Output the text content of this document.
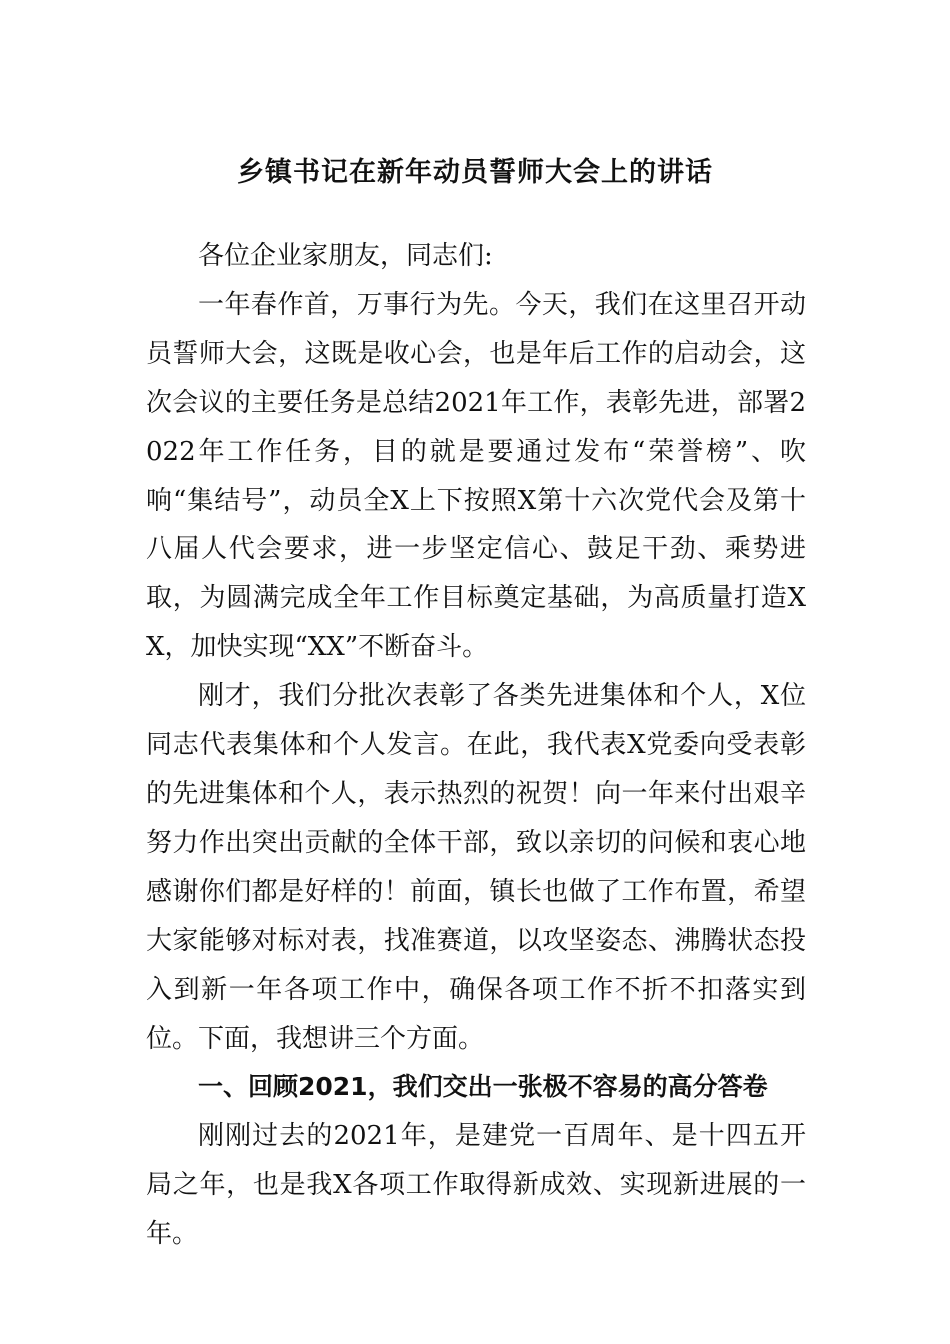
乡镇书记在新年动员誓师大会上的讲话

各位企业家朋友，同志们:

一年春作首，万事行为先。今天，我们在这里召开动员誓师大会，这既是收心会，也是年后工作的启动会，这次会议的主要任务是总结2021年工作，表彰先进，部署2022年工作任务，目的就是要通过发布“荣誉榜”、吹响“集结号”，动员全X上下按照X第十六次党代会及第十八届人代会要求，进一步坚定信心、鼓足干劲、乘势进取，为圆满完成全年工作目标奠定基础，为高质量打造XX，加快实现“XX”不断奋斗。

刚才，我们分批次表彰了各类先进集体和个人，X位同志代表集体和个人发言。在此，我代表X党委向受表彰的先进集体和个人，表示热烈的祝贺！向一年来付出艰辛努力作出突出贡献的全体干部，致以亲切的问候和衷心地感谢你们都是好样的！前面，镇长也做了工作布置，希望大家能够对标对表，找准赛道，以攻坚姿态、沸腾状态投入到新一年各项工作中，确保各项工作不折不扣落实到位。下面，我想讲三个方面。

一、回顾2021，我们交出一张极不容易的高分答卷

刚刚过去的2021年，是建党一百周年、是十四五开局之年，也是我X各项工作取得新成效、实现新进展的一年。
